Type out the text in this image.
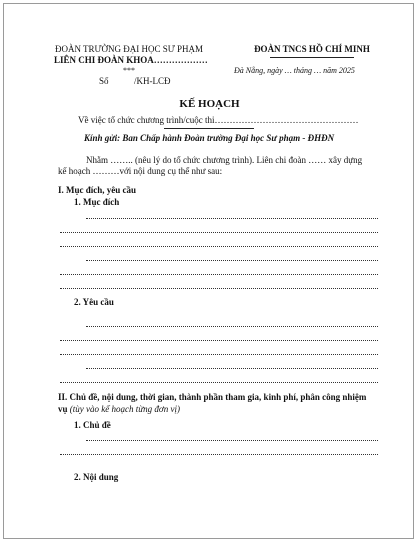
ĐOÀN TRƯỜNG ĐẠI HỌC SƯ PHẠM
LIÊN CHI ĐOÀN KHOA………………
***
Số	/KH-LCĐ
ĐOÀN TNCS HỒ CHÍ MINH
Đà Nẵng, ngày … tháng … năm 2025
KẾ HOẠCH
Về việc tổ chức chương trình/cuộc thi…………………………………………
Kính gửi: Ban Chấp hành Đoàn trường Đại học Sư phạm - ĐHĐN
Nhằm …….. (nêu lý do tổ chức chương trình). Liên chi đoàn …… xây dựng
kế hoạch ………với nội dung cụ thể như sau:
I. Mục đích, yêu cầu
1. Mục đích
2. Yêu cầu
II. Chủ đề, nội dung, thời gian, thành phần tham gia, kinh phí, phân công nhiệm
vụ (tùy vào kế hoạch từng đơn vị)
1. Chủ đề
2. Nội dung
